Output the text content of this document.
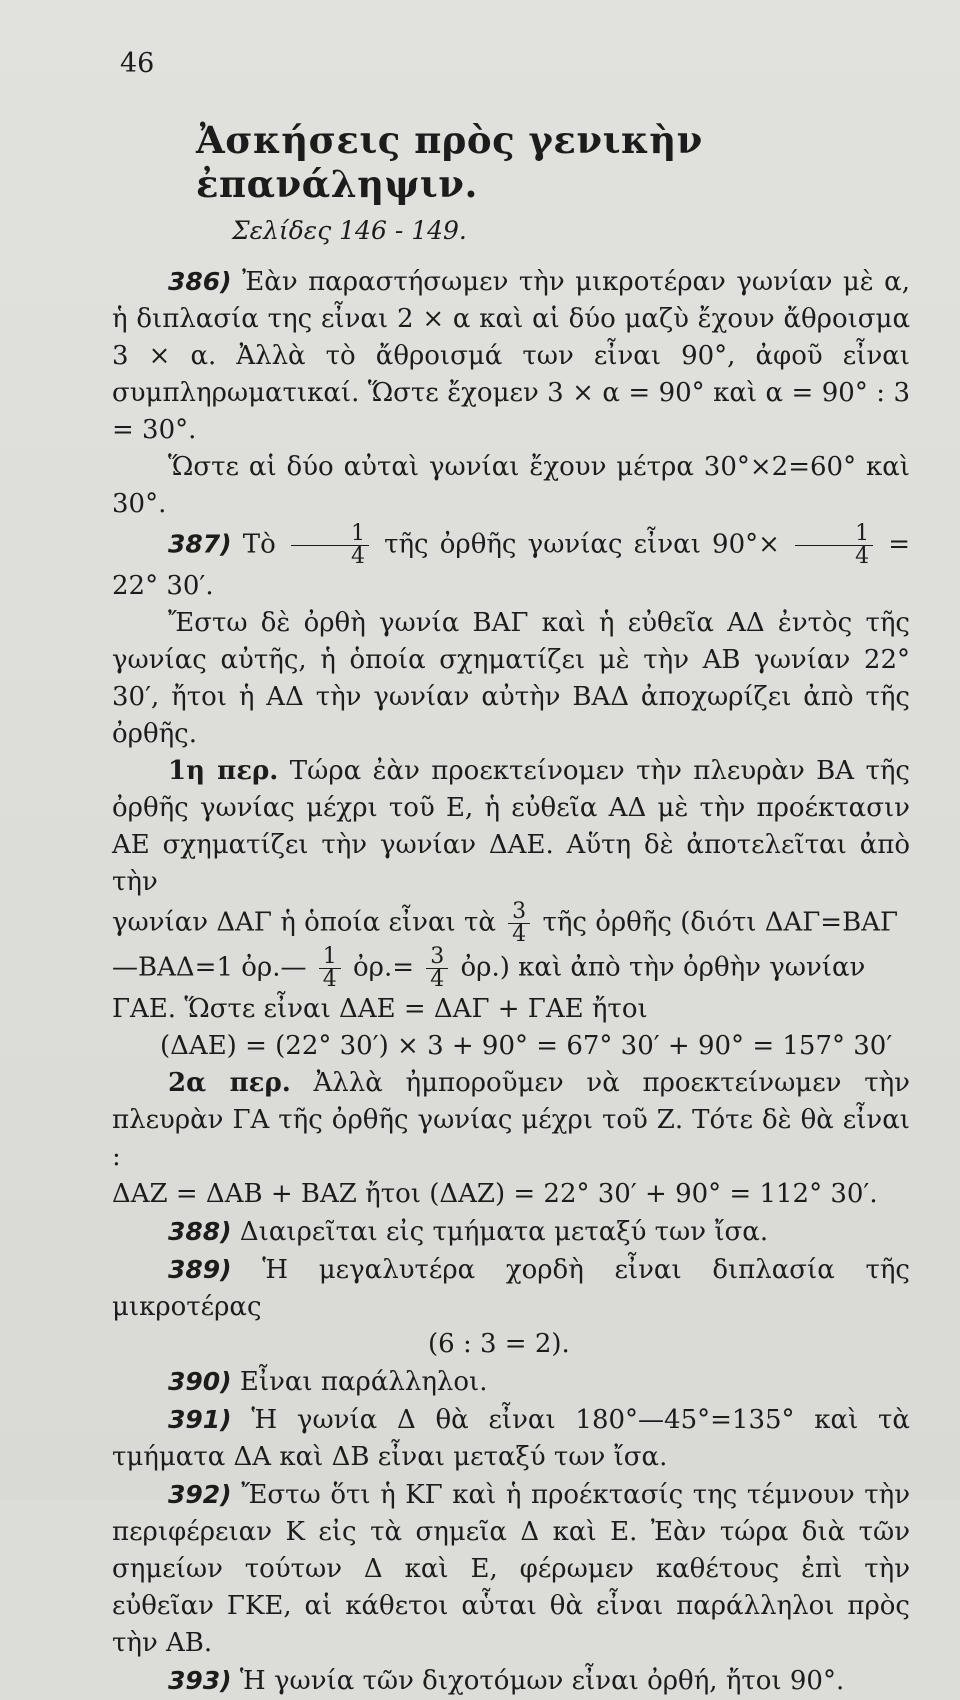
46
Ἀσκήσεις πρὸς γενικὴν ἐπανάληψιν.
Σελίδες 146 - 149.

386) Ἐὰν παραστήσωμεν τὴν μικροτέραν γωνίαν μὲ α, ἡ διπλασία της εἶναι 2 × α καὶ αἱ δύο μαζὺ ἔχουν ἄθροισμα 3 × α. Ἀλλὰ τὸ ἄθροισμά των εἶναι 90°, ἀφοῦ εἶναι συμπληρωματικαί. Ὥστε ἔχομεν 3 × α = 90° καὶ α = 90° : 3 = 30°.

Ὥστε αἱ δύο αὐταὶ γωνίαι ἔχουν μέτρα 30°×2=60° καὶ 30°.

387) Τὸ $\frac{1}{4}$ τῆς ὀρθῆς γωνίας εἶναι $90^\circ\times \frac{1}{4} = 22^\circ$ 30′.

Ἔστω δὲ ὀρθὴ γωνία ΒΑΓ καὶ ἡ εὐθεῖα ΑΔ ἐντὸς τῆς γωνίας αὐτῆς, ἡ ὁποία σχηματίζει μὲ τὴν ΑΒ γωνίαν 22° 30′, ἤτοι ἡ ΑΔ τὴν γωνίαν αὐτὴν ΒΑΔ ἀποχωρίζει ἀπὸ τῆς ὀρθῆς.

1η περ. Τώρα ἐὰν προεκτείνομεν τὴν πλευρὰν ΒΑ τῆς ὀρθῆς γωνίας μέχρι τοῦ Ε, ἡ εὐθεῖα ΑΔ μὲ τὴν προέκτασιν ΑΕ σχηματίζει τὴν γωνίαν ΔΑΕ. Αὕτη δὲ ἀποτελεῖται ἀπὸ τὴν

γωνίαν ΔΑΓ ἡ ὁποία εἶναι τὰ $\frac{3}{4}$ τῆς ὀρθῆς (διότι ΔΑΓ=ΒΑΓ

—ΒΑΔ=1 ὀρ.— $\frac{1}{4}$ ὀρ.= $\frac{3}{4}$ ὀρ.) καὶ ἀπὸ τὴν ὀρθὴν γωνίαν

ΓΑΕ. Ὥστε εἶναι ΔΑΕ = ΔΑΓ + ΓΑΕ ἤτοι

(ΔΑΕ) = (22° 30′) × 3 + 90° = 67° 30′ + 90° = 157° 30′

2α περ. Ἀλλὰ ἠμποροῦμεν νὰ προεκτείνωμεν τὴν πλευρὰν ΓΑ τῆς ὀρθῆς γωνίας μέχρι τοῦ Ζ. Τότε δὲ θὰ εἶναι :

ΔΑΖ = ΔΑΒ + ΒΑΖ ἤτοι (ΔΑΖ) = 22° 30′ + 90° = 112° 30′.

388) Διαιρεῖται εἰς τμήματα μεταξύ των ἴσα.

389) Ἡ μεγαλυτέρα χορδὴ εἶναι διπλασία τῆς μικροτέρας

(6 : 3 = 2).

390) Εἶναι παράλληλοι.

391) Ἡ γωνία Δ θὰ εἶναι 180°—45°=135° καὶ τὰ τμήματα ΔΑ καὶ ΔΒ εἶναι μεταξύ των ἴσα.

392) Ἔστω ὅτι ἡ ΚΓ καὶ ἡ προέκτασίς της τέμνουν τὴν περιφέρειαν Κ εἰς τὰ σημεῖα Δ καὶ Ε. Ἐὰν τώρα διὰ τῶν σημείων τούτων Δ καὶ Ε, φέρωμεν καθέτους ἐπὶ τὴν εὐθεῖαν ΓΚΕ, αἱ κάθετοι αὗται θὰ εἶναι παράλληλοι πρὸς τὴν ΑΒ.

393) Ἡ γωνία τῶν διχοτόμων εἶναι ὀρθή, ἤτοι 90°.
